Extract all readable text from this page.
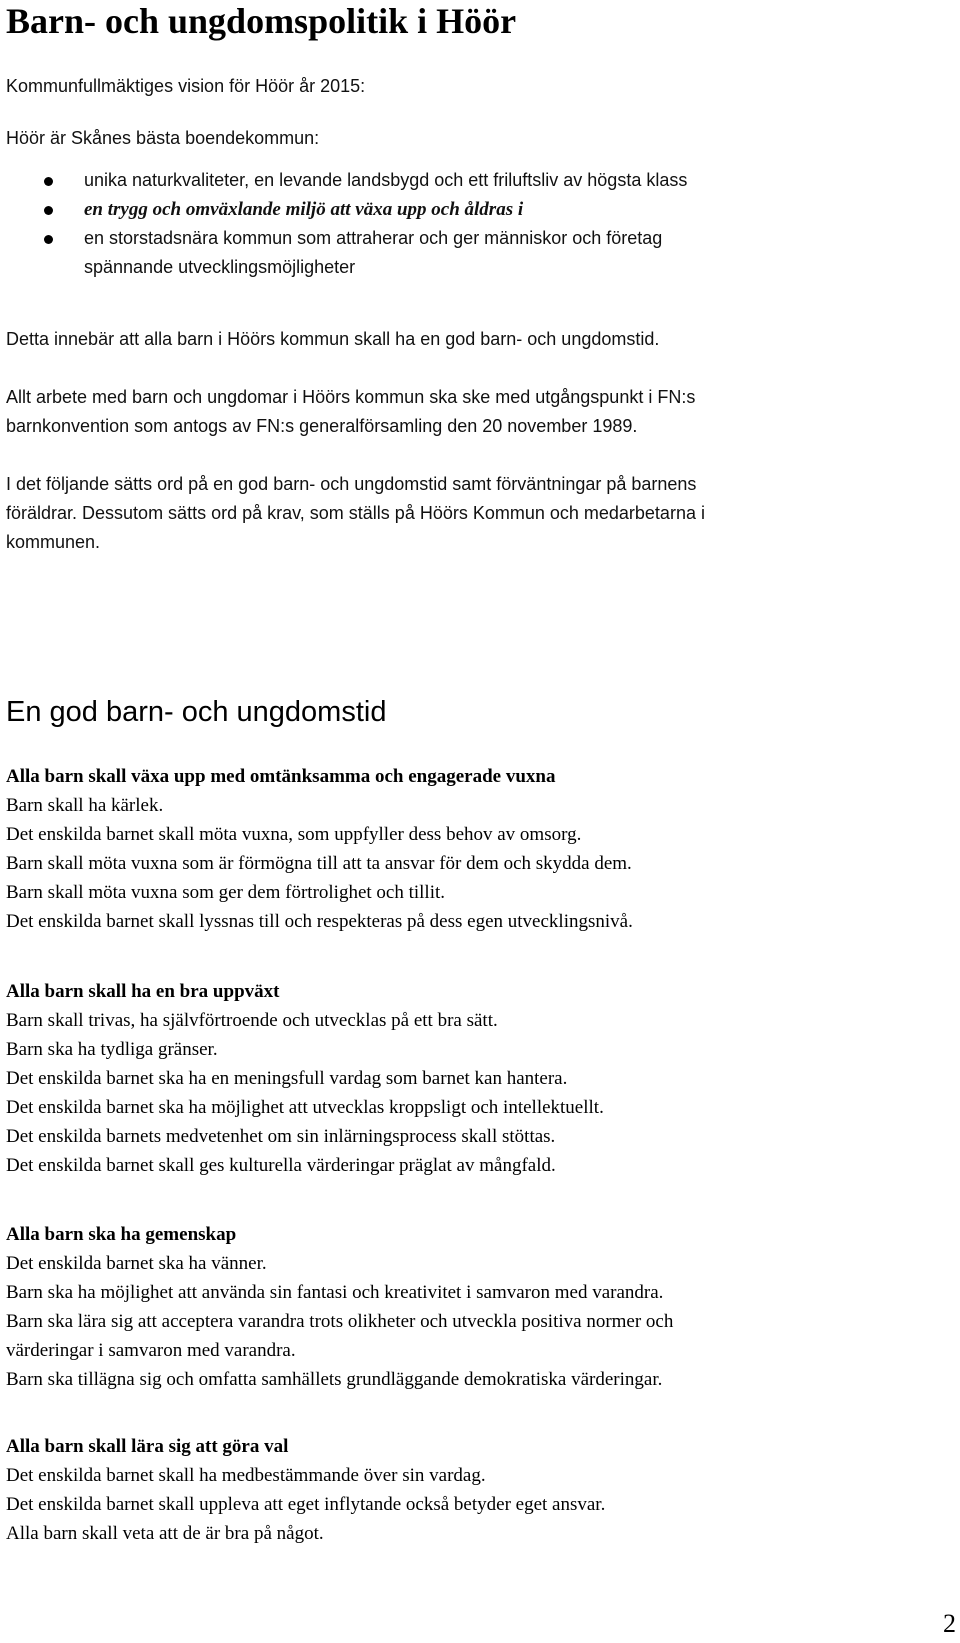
Barn- och ungdomspolitik i Höör

Kommunfullmäktiges vision för Höör år 2015:

Höör är Skånes bästa boendekommun:

unika naturkvaliteter, en levande landsbygd och ett friluftsliv av högsta klass
en trygg och omväxlande miljö att växa upp och åldras i
en storstadsnära kommun som attraherar och ger människor och företag
spännande utvecklingsmöjligheter

Detta innebär att alla barn i Höörs kommun skall ha en god barn- och ungdomstid.

Allt arbete med barn och ungdomar i Höörs kommun ska ske med utgångspunkt i FN:s

barnkonvention som antogs av FN:s generalförsamling den 20 november 1989.

I det följande sätts ord på en god barn- och ungdomstid samt förväntningar på barnens

föräldrar. Dessutom sätts ord på krav, som ställs på Höörs Kommun och medarbetarna i

kommunen.

En god barn- och ungdomstid
Alla barn skall växa upp med omtänksamma och engagerade vuxna

Barn skall ha kärlek.

Det enskilda barnet skall möta vuxna, som uppfyller dess behov av omsorg.

Barn skall möta vuxna som är förmögna till att ta ansvar för dem och skydda dem.

Barn skall möta vuxna som ger dem förtrolighet och tillit.

Det enskilda barnet skall lyssnas till och respekteras på dess egen utvecklingsnivå.

Alla barn skall ha en bra uppväxt

Barn skall trivas, ha självförtroende och utvecklas på ett bra sätt.

Barn ska ha tydliga gränser.

Det enskilda barnet ska ha en meningsfull vardag som barnet kan hantera.

Det enskilda barnet ska ha möjlighet att utvecklas kroppsligt och intellektuellt.

Det enskilda barnets medvetenhet om sin inlärningsprocess skall stöttas.

Det enskilda barnet skall ges kulturella värderingar präglat av mångfald.

Alla barn ska ha gemenskap

Det enskilda barnet ska ha vänner.

Barn ska ha möjlighet att använda sin fantasi och kreativitet i samvaron med varandra.

Barn ska lära sig att acceptera varandra trots olikheter och utveckla positiva normer och

värderingar i samvaron med varandra.

Barn ska tillägna sig och omfatta samhällets grundläggande demokratiska värderingar.

Alla barn skall lära sig att göra val

Det enskilda barnet skall ha medbestämmande över sin vardag.

Det enskilda barnet skall uppleva att eget inflytande också betyder eget ansvar.

Alla barn skall veta att de är bra på något.

2
